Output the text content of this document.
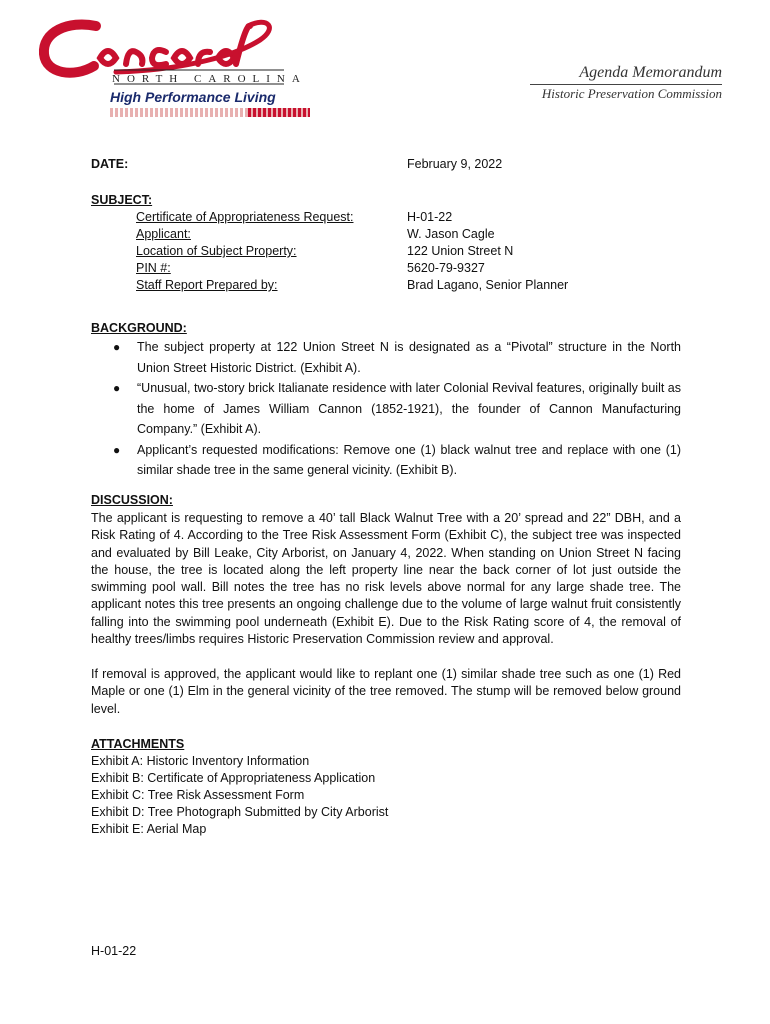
NORTH CAROLINA
High Performance Living
Agenda Memorandum
Historic Preservation Commission
DATE:	February 9, 2022
SUBJECT:
Certificate of Appropriateness Request:	H-01-22
Applicant:	W. Jason Cagle
Location of Subject Property:	122 Union Street N
PIN #:	5620-79-9327
Staff Report Prepared by:	Brad Lagano, Senior Planner
BACKGROUND:
● The subject property at 122 Union Street N is designated as a “Pivotal” structure in the North Union Street Historic District. (Exhibit A).
● “Unusual, two-story brick Italianate residence with later Colonial Revival features, originally built as the home of James William Cannon (1852-1921), the founder of Cannon Manufacturing Company.” (Exhibit A).
● Applicant’s requested modifications: Remove one (1) black walnut tree and replace with one (1) similar shade tree in the same general vicinity. (Exhibit B).
DISCUSSION:
The applicant is requesting to remove a 40’ tall Black Walnut Tree with a 20’ spread and 22” DBH, and a Risk Rating of 4. According to the Tree Risk Assessment Form (Exhibit C), the subject tree was inspected and evaluated by Bill Leake, City Arborist, on January 4, 2022. When standing on Union Street N facing the house, the tree is located along the left property line near the back corner of lot just outside the swimming pool wall. Bill notes the tree has no risk levels above normal for any large shade tree. The applicant notes this tree presents an ongoing challenge due to the volume of large walnut fruit consistently falling into the swimming pool underneath (Exhibit E). Due to the Risk Rating score of 4, the removal of healthy trees/limbs requires Historic Preservation Commission review and approval.
If removal is approved, the applicant would like to replant one (1) similar shade tree such as one (1) Red Maple or one (1) Elm in the general vicinity of the tree removed. The stump will be removed below ground level.
ATTACHMENTS
Exhibit A: Historic Inventory Information
Exhibit B: Certificate of Appropriateness Application
Exhibit C: Tree Risk Assessment Form
Exhibit D: Tree Photograph Submitted by City Arborist
Exhibit E: Aerial Map
H-01-22
